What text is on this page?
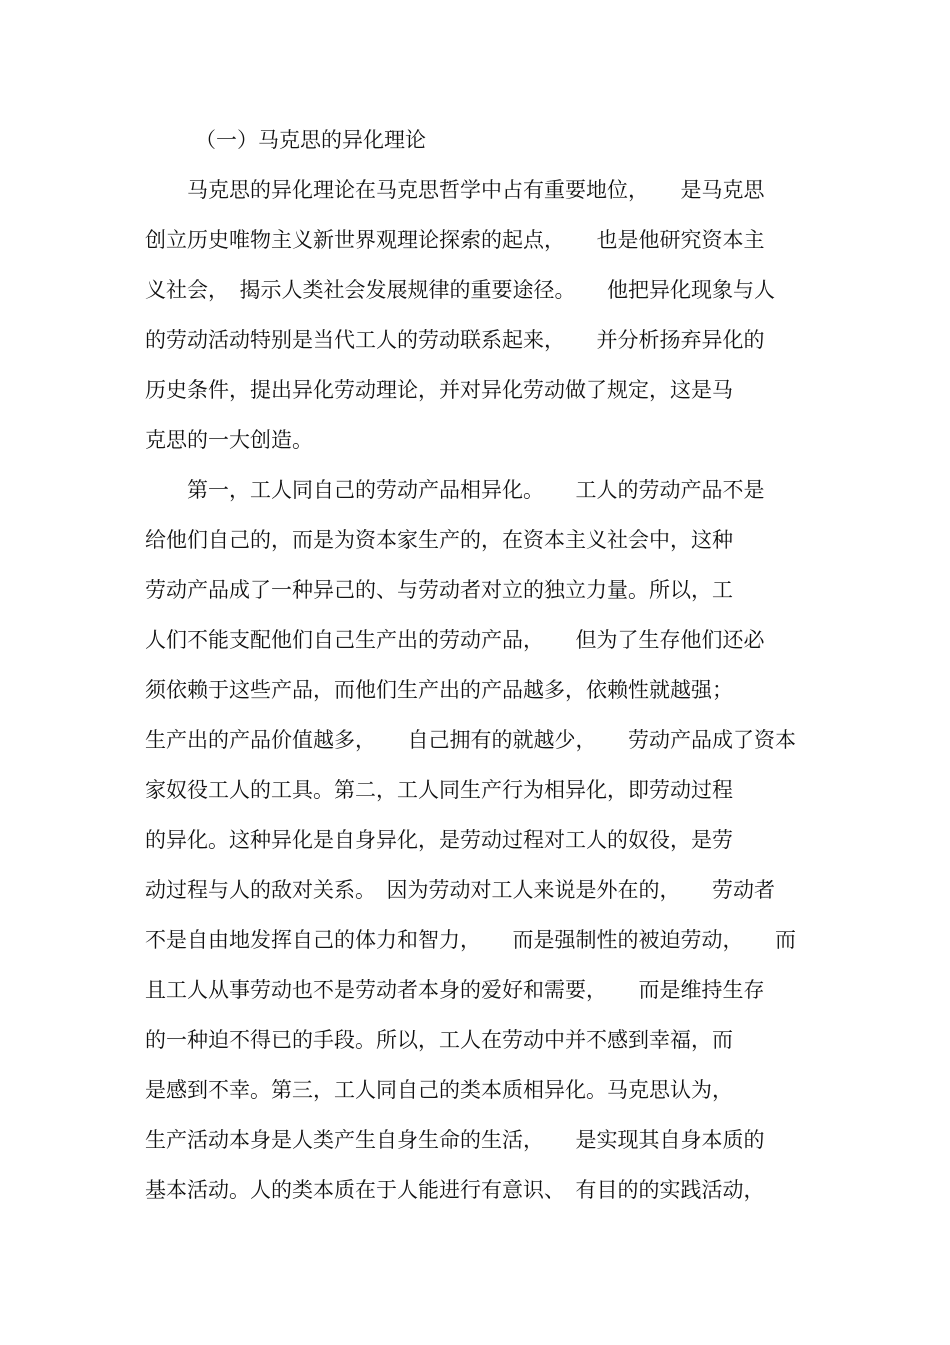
（一）马克思的异化理论
　　马克思的异化理论在马克思哲学中占有重要地位，　　是马克思
创立历史唯物主义新世界观理论探索的起点，　　也是他研究资本主
义社会，　揭示人类社会发展规律的重要途径。　　他把异化现象与人
的劳动活动特别是当代工人的劳动联系起来，　　并分析扬弃异化的
历史条件，提出异化劳动理论，并对异化劳动做了规定，这是马
克思的一大创造。
　　第一，工人同自己的劳动产品相异化。　　工人的劳动产品不是
给他们自己的，而是为资本家生产的，在资本主义社会中，这种
劳动产品成了一种异己的、与劳动者对立的独立力量。所以，工
人们不能支配他们自己生产出的劳动产品，　　但为了生存他们还必
须依赖于这些产品，而他们生产出的产品越多，依赖性就越强；
生产出的产品价值越多，　　自己拥有的就越少，　　劳动产品成了资本
家奴役工人的工具。第二，工人同生产行为相异化，即劳动过程
的异化。这种异化是自身异化，是劳动过程对工人的奴役，是劳
动过程与人的敌对关系。　因为劳动对工人来说是外在的，　　劳动者
不是自由地发挥自己的体力和智力，　　而是强制性的被迫劳动，　　而
且工人从事劳动也不是劳动者本身的爱好和需要，　　而是维持生存
的一种迫不得已的手段。所以，工人在劳动中并不感到幸福，而
是感到不幸。第三，工人同自己的类本质相异化。马克思认为，
生产活动本身是人类产生自身生命的生活，　　是实现其自身本质的
基本活动。人的类本质在于人能进行有意识、　有目的的实践活动，
